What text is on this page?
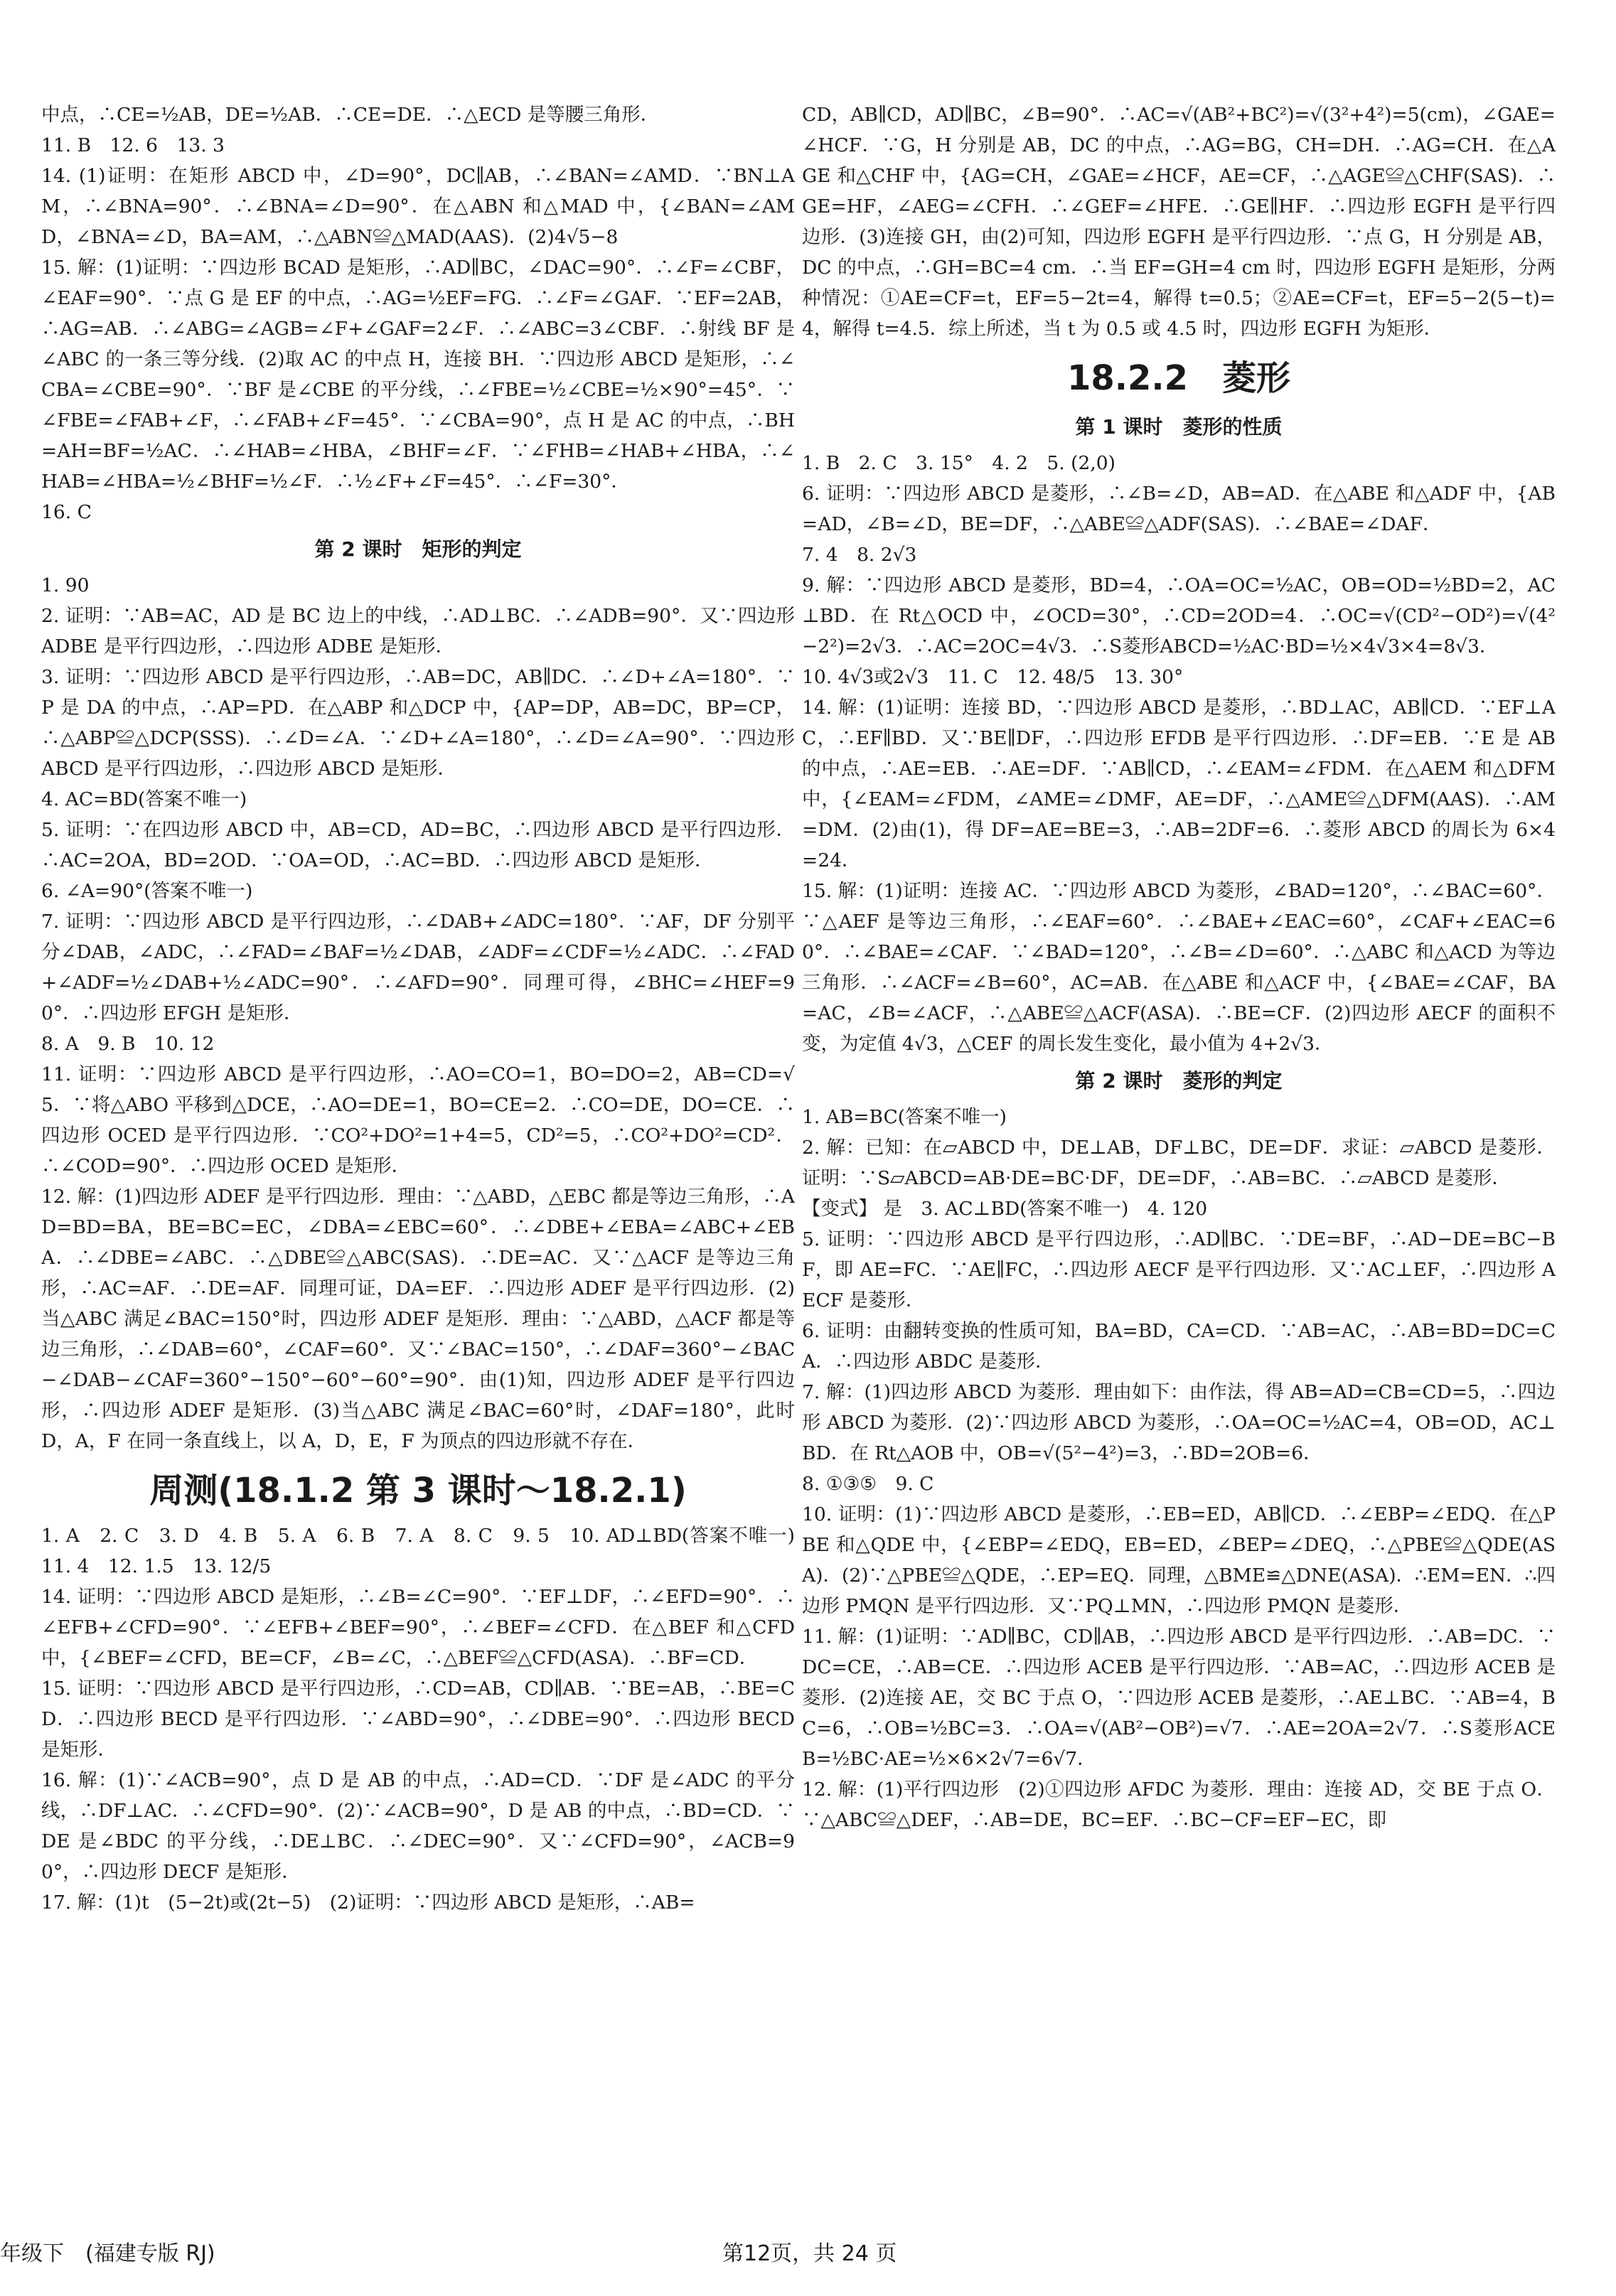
中点，∴CE=½AB，DE=½AB．∴CE=DE．∴△ECD 是等腰三角形．
11. B　12. 6　13. 3
14. (1)证明：在矩形 ABCD 中，∠D=90°，DC∥AB，∴∠BAN=∠AMD．∵BN⊥AM，∴∠BNA=90°．∴∠BNA=∠D=90°．在△ABN 和△MAD 中，{∠BAN=∠AMD，∠BNA=∠D，BA=AM，∴△ABN≌△MAD(AAS)．(2)4√5−8
15. 解：(1)证明：∵四边形 BCAD 是矩形，∴AD∥BC，∠DAC=90°．∴∠F=∠CBF，∠EAF=90°．∵点 G 是 EF 的中点，∴AG=½EF=FG．∴∠F=∠GAF．∵EF=2AB，∴AG=AB．∴∠ABG=∠AGB=∠F+∠GAF=2∠F．∴∠ABC=3∠CBF．∴射线 BF 是∠ABC 的一条三等分线．(2)取 AC 的中点 H，连接 BH．∵四边形 ABCD 是矩形，∴∠CBA=∠CBE=90°．∵BF 是∠CBE 的平分线，∴∠FBE=½∠CBE=½×90°=45°．∵∠FBE=∠FAB+∠F，∴∠FAB+∠F=45°．∵∠CBA=90°，点 H 是 AC 的中点，∴BH=AH=BF=½AC．∴∠HAB=∠HBA，∠BHF=∠F．∵∠FHB=∠HAB+∠HBA，∴∠HAB=∠HBA=½∠BHF=½∠F．∴½∠F+∠F=45°．∴∠F=30°．
16. C
第 2 课时　矩形的判定
1. 90
2. 证明：∵AB=AC，AD 是 BC 边上的中线，∴AD⊥BC．∴∠ADB=90°．又∵四边形 ADBE 是平行四边形，∴四边形 ADBE 是矩形．
3. 证明：∵四边形 ABCD 是平行四边形，∴AB=DC，AB∥DC．∴∠D+∠A=180°．∵P 是 DA 的中点，∴AP=PD．在△ABP 和△DCP 中，{AP=DP，AB=DC，BP=CP，∴△ABP≌△DCP(SSS)．∴∠D=∠A．∵∠D+∠A=180°，∴∠D=∠A=90°．∵四边形 ABCD 是平行四边形，∴四边形 ABCD 是矩形．
4. AC=BD(答案不唯一)
5. 证明：∵在四边形 ABCD 中，AB=CD，AD=BC，∴四边形 ABCD 是平行四边形．∴AC=2OA，BD=2OD．∵OA=OD，∴AC=BD．∴四边形 ABCD 是矩形．
6. ∠A=90°(答案不唯一)
7. 证明：∵四边形 ABCD 是平行四边形，∴∠DAB+∠ADC=180°．∵AF，DF 分别平分∠DAB，∠ADC，∴∠FAD=∠BAF=½∠DAB，∠ADF=∠CDF=½∠ADC．∴∠FAD+∠ADF=½∠DAB+½∠ADC=90°．∴∠AFD=90°．同理可得，∠BHC=∠HEF=90°．∴四边形 EFGH 是矩形．
8. A　9. B　10. 12
11. 证明：∵四边形 ABCD 是平行四边形，∴AO=CO=1，BO=DO=2，AB=CD=√5．∵将△ABO 平移到△DCE，∴AO=DE=1，BO=CE=2．∴CO=DE，DO=CE．∴四边形 OCED 是平行四边形．∵CO²+DO²=1+4=5，CD²=5，∴CO²+DO²=CD²．∴∠COD=90°．∴四边形 OCED 是矩形．
12. 解：(1)四边形 ADEF 是平行四边形．理由：∵△ABD，△EBC 都是等边三角形，∴AD=BD=BA，BE=BC=EC，∠DBA=∠EBC=60°．∴∠DBE+∠EBA=∠ABC+∠EBA．∴∠DBE=∠ABC．∴△DBE≌△ABC(SAS)．∴DE=AC．又∵△ACF 是等边三角形，∴AC=AF．∴DE=AF．同理可证，DA=EF．∴四边形 ADEF 是平行四边形．(2)当△ABC 满足∠BAC=150°时，四边形 ADEF 是矩形．理由：∵△ABD，△ACF 都是等边三角形，∴∠DAB=60°，∠CAF=60°．又∵∠BAC=150°，∴∠DAF=360°−∠BAC−∠DAB−∠CAF=360°−150°−60°−60°=90°．由(1)知，四边形 ADEF 是平行四边形，∴四边形 ADEF 是矩形．(3)当△ABC 满足∠BAC=60°时，∠DAF=180°，此时 D，A，F 在同一条直线上，以 A，D，E，F 为顶点的四边形就不存在．
周测(18.1.2 第 3 课时～18.2.1)
1. A　2. C　3. D　4. B　5. A　6. B　7. A　8. C　9. 5　10. AD⊥BD(答案不唯一)　11. 4　12. 1.5　13. 12/5
14. 证明：∵四边形 ABCD 是矩形，∴∠B=∠C=90°．∵EF⊥DF，∴∠EFD=90°．∴∠EFB+∠CFD=90°．∵∠EFB+∠BEF=90°，∴∠BEF=∠CFD．在△BEF 和△CFD 中，{∠BEF=∠CFD，BE=CF，∠B=∠C，∴△BEF≌△CFD(ASA)．∴BF=CD．
15. 证明：∵四边形 ABCD 是平行四边形，∴CD=AB，CD∥AB．∵BE=AB，∴BE=CD．∴四边形 BECD 是平行四边形．∵∠ABD=90°，∴∠DBE=90°．∴四边形 BECD 是矩形．
16. 解：(1)∵∠ACB=90°，点 D 是 AB 的中点，∴AD=CD．∵DF 是∠ADC 的平分线，∴DF⊥AC．∴∠CFD=90°．(2)∵∠ACB=90°，D 是 AB 的中点，∴BD=CD．∵DE 是∠BDC 的平分线，∴DE⊥BC．∴∠DEC=90°．又∵∠CFD=90°，∠ACB=90°，∴四边形 DECF 是矩形．
17. 解：(1)t　(5−2t)或(2t−5)　(2)证明：∵四边形 ABCD 是矩形，∴AB=
CD，AB∥CD，AD∥BC，∠B=90°．∴AC=√(AB²+BC²)=√(3²+4²)=5(cm)，∠GAE=∠HCF．∵G，H 分别是 AB，DC 的中点，∴AG=BG，CH=DH．∴AG=CH．在△AGE 和△CHF 中，{AG=CH，∠GAE=∠HCF，AE=CF，∴△AGE≌△CHF(SAS)．∴GE=HF，∠AEG=∠CFH．∴∠GEF=∠HFE．∴GE∥HF．∴四边形 EGFH 是平行四边形．(3)连接 GH，由(2)可知，四边形 EGFH 是平行四边形．∵点 G，H 分别是 AB，DC 的中点，∴GH=BC=4 cm．∴当 EF=GH=4 cm 时，四边形 EGFH 是矩形，分两种情况：①AE=CF=t，EF=5−2t=4，解得 t=0.5；②AE=CF=t，EF=5−2(5−t)=4，解得 t=4.5．综上所述，当 t 为 0.5 或 4.5 时，四边形 EGFH 为矩形．
18.2.2　菱形
第 1 课时　菱形的性质
1. B　2. C　3. 15°　4. 2　5. (2,0)
6. 证明：∵四边形 ABCD 是菱形，∴∠B=∠D，AB=AD．在△ABE 和△ADF 中，{AB=AD，∠B=∠D，BE=DF，∴△ABE≌△ADF(SAS)．∴∠BAE=∠DAF．
7. 4　8. 2√3
9. 解：∵四边形 ABCD 是菱形，BD=4，∴OA=OC=½AC，OB=OD=½BD=2，AC⊥BD．在 Rt△OCD 中，∠OCD=30°，∴CD=2OD=4．∴OC=√(CD²−OD²)=√(4²−2²)=2√3．∴AC=2OC=4√3．∴S菱形ABCD=½AC·BD=½×4√3×4=8√3．
10. 4√3或2√3　11. C　12. 48/5　13. 30°
14. 解：(1)证明：连接 BD，∵四边形 ABCD 是菱形，∴BD⊥AC，AB∥CD．∵EF⊥AC，∴EF∥BD．又∵BE∥DF，∴四边形 EFDB 是平行四边形．∴DF=EB．∵E 是 AB 的中点，∴AE=EB．∴AE=DF．∵AB∥CD，∴∠EAM=∠FDM．在△AEM 和△DFM 中，{∠EAM=∠FDM，∠AME=∠DMF，AE=DF，∴△AME≌△DFM(AAS)．∴AM=DM．(2)由(1)，得 DF=AE=BE=3，∴AB=2DF=6．∴菱形 ABCD 的周长为 6×4=24．
15. 解：(1)证明：连接 AC．∵四边形 ABCD 为菱形，∠BAD=120°，∴∠BAC=60°．∵△AEF 是等边三角形，∴∠EAF=60°．∴∠BAE+∠EAC=60°，∠CAF+∠EAC=60°．∴∠BAE=∠CAF．∵∠BAD=120°，∴∠B=∠D=60°．∴△ABC 和△ACD 为等边三角形．∴∠ACF=∠B=60°，AC=AB．在△ABE 和△ACF 中，{∠BAE=∠CAF，BA=AC，∠B=∠ACF，∴△ABE≌△ACF(ASA)．∴BE=CF．(2)四边形 AECF 的面积不变，为定值 4√3，△CEF 的周长发生变化，最小值为 4+2√3．
第 2 课时　菱形的判定
1. AB=BC(答案不唯一)
2. 解：已知：在▱ABCD 中，DE⊥AB，DF⊥BC，DE=DF．求证：▱ABCD 是菱形．证明：∵S▱ABCD=AB·DE=BC·DF，DE=DF，∴AB=BC．∴▱ABCD 是菱形．
【变式】 是　3. AC⊥BD(答案不唯一)　4. 120
5. 证明：∵四边形 ABCD 是平行四边形，∴AD∥BC．∵DE=BF，∴AD−DE=BC−BF，即 AE=FC．∵AE∥FC，∴四边形 AECF 是平行四边形．又∵AC⊥EF，∴四边形 AECF 是菱形．
6. 证明：由翻转变换的性质可知，BA=BD，CA=CD．∵AB=AC，∴AB=BD=DC=CA．∴四边形 ABDC 是菱形．
7. 解：(1)四边形 ABCD 为菱形．理由如下：由作法，得 AB=AD=CB=CD=5，∴四边形 ABCD 为菱形．(2)∵四边形 ABCD 为菱形，∴OA=OC=½AC=4，OB=OD，AC⊥BD．在 Rt△AOB 中，OB=√(5²−4²)=3，∴BD=2OB=6．
8. ①③⑤　9. C
10. 证明：(1)∵四边形 ABCD 是菱形，∴EB=ED，AB∥CD．∴∠EBP=∠EDQ．在△PBE 和△QDE 中，{∠EBP=∠EDQ，EB=ED，∠BEP=∠DEQ，∴△PBE≌△QDE(ASA)．(2)∵△PBE≌△QDE，∴EP=EQ．同理，△BME≌△DNE(ASA)．∴EM=EN．∴四边形 PMQN 是平行四边形．又∵PQ⊥MN，∴四边形 PMQN 是菱形．
11. 解：(1)证明：∵AD∥BC，CD∥AB，∴四边形 ABCD 是平行四边形．∴AB=DC．∵DC=CE，∴AB=CE．∴四边形 ACEB 是平行四边形．∵AB=AC，∴四边形 ACEB 是菱形．(2)连接 AE，交 BC 于点 O，∵四边形 ACEB 是菱形，∴AE⊥BC．∵AB=4，BC=6，∴OB=½BC=3．∴OA=√(AB²−OB²)=√7．∴AE=2OA=2√7．∴S菱形ACEB=½BC·AE=½×6×2√7=6√7．
12. 解：(1)平行四边形　(2)①四边形 AFDC 为菱形．理由：连接 AD，交 BE 于点 O．∵△ABC≌△DEF，∴AB=DE，BC=EF．∴BC−CF=EF−EC，即
年级下　(福建专版 RJ)	第12页，共 24 页
